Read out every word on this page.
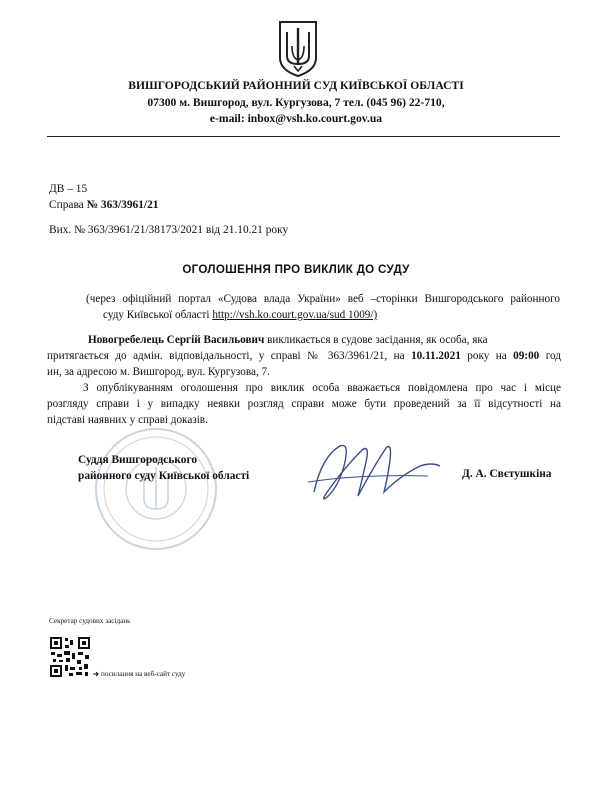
ВИШГОРОДСЬКИЙ РАЙОННИЙ СУД КИЇВСЬКОЇ ОБЛАСТІ
07300 м. Вишгород, вул. Кургузова, 7 тел. (045 96) 22-710,
e-mail: inbox@vsh.ko.court.gov.ua
ДВ – 15
Справа № 363/3961/21
Вих. № 363/3961/21/38173/2021 від 21.10.21 року
ОГОЛОШЕННЯ ПРО ВИКЛИК ДО СУДУ
(через офіційний портал «Судова влада України» веб –сторінки Вишгородського районного
суду Київської області http://vsh.ko.court.gov.ua/sud 1009/)
Новогребелець Сергій Васильович викликається в судове засідання, як особа, яка
притягається до адмін. відповідальності, у справі № 363/3961/21, на 10.11.2021 року на 09:00 год
ин, за адресою м. Вишгород, вул. Кургузова, 7.
З опублікуванням оголошення про виклик особа вважається повідомлена про час і місце
розгляду справи і у випадку неявки розгляд справи може бути проведений за її відсутності на
підставі наявних у справі доказів.
Суддя Вишгородського
районного суду Київської області	Д. А. Свєтушкіна
Секретар судових засідань
посилання на веб-сайт суду
